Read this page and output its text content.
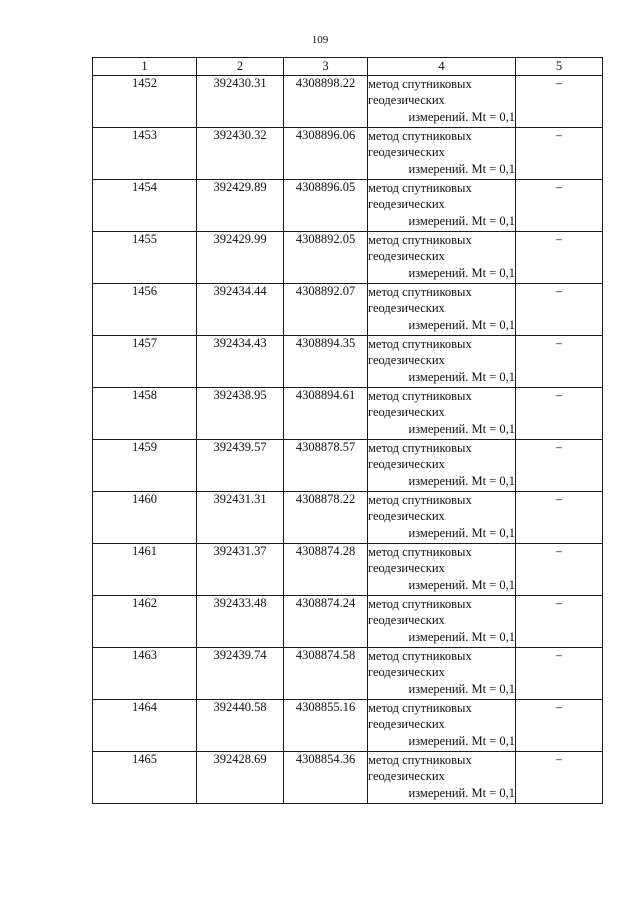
109
1	2	3	4	5
1452	392430.31	4308898.22	метод спутниковых
геодезических
измерений. Mt = 0,1	–
1453	392430.32	4308896.06	метод спутниковых
геодезических
измерений. Mt = 0,1	–
1454	392429.89	4308896.05	метод спутниковых
геодезических
измерений. Mt = 0,1	–
1455	392429.99	4308892.05	метод спутниковых
геодезических
измерений. Mt = 0,1	–
1456	392434.44	4308892.07	метод спутниковых
геодезических
измерений. Mt = 0,1	–
1457	392434.43	4308894.35	метод спутниковых
геодезических
измерений. Mt = 0,1	–
1458	392438.95	4308894.61	метод спутниковых
геодезических
измерений. Mt = 0,1	–
1459	392439.57	4308878.57	метод спутниковых
геодезических
измерений. Mt = 0,1	–
1460	392431.31	4308878.22	метод спутниковых
геодезических
измерений. Mt = 0,1	–
1461	392431.37	4308874.28	метод спутниковых
геодезических
измерений. Mt = 0,1	–
1462	392433.48	4308874.24	метод спутниковых
геодезических
измерений. Mt = 0,1	–
1463	392439.74	4308874.58	метод спутниковых
геодезических
измерений. Mt = 0,1	–
1464	392440.58	4308855.16	метод спутниковых
геодезических
измерений. Mt = 0,1	–
1465	392428.69	4308854.36	метод спутниковых
геодезических
измерений. Mt = 0,1	–
